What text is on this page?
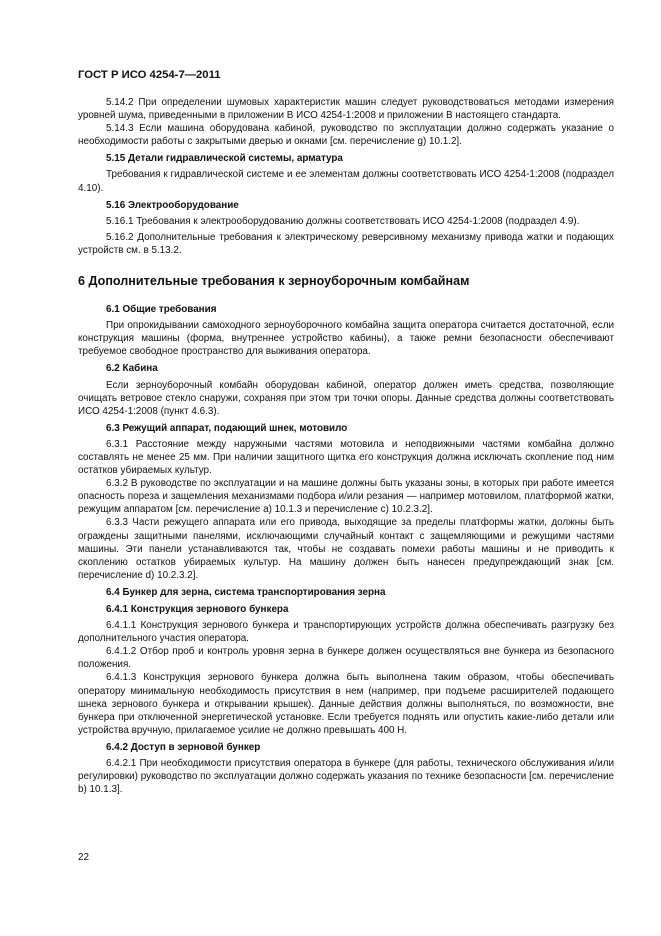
ГОСТ Р ИСО 4254-7—2011

5.14.2 При определении шумовых характеристик машин следует руководствоваться методами измерения уровней шума, приведенными в приложении В ИСО 4254-1:2008 и приложении В настоящего стандарта.

5.14.3 Если машина оборудована кабиной, руководство по эксплуатации должно содержать указание о необходимости работы с закрытыми дверью и окнами [см. перечисление g) 10.1.2].

5.15 Детали гидравлической системы, арматура

Требования к гидравлической системе и ее элементам должны соответствовать ИСО 4254-1:2008 (подраздел 4.10).

5.16 Электрооборудование

5.16.1 Требования к электрооборудованию должны соответствовать ИСО 4254-1:2008 (подраздел 4.9).

5.16.2 Дополнительные требования к электрическому реверсивному механизму привода жатки и подающих устройств см. в 5.13.2.

6 Дополнительные требования к зерноуборочным комбайнам

6.1 Общие требования

При опрокидывании самоходного зерноуборочного комбайна защита оператора считается достаточной, если конструкция машины (форма, внутреннее устройство кабины), а также ремни безопасности обеспечивают требуемое свободное пространство для выживания оператора.

6.2 Кабина

Если зерноуборочный комбайн оборудован кабиной, оператор должен иметь средства, позволяющие очищать ветровое стекло снаружи, сохраняя при этом три точки опоры. Данные средства должны соответствовать ИСО 4254-1:2008 (пункт 4.6.3).

6.3 Режущий аппарат, подающий шнек, мотовило

6.3.1 Расстояние между наружными частями мотовила и неподвижными частями комбайна должно составлять не менее 25 мм. При наличии защитного щитка его конструкция должна исключать скопление под ним остатков убираемых культур.

6.3.2 В руководстве по эксплуатации и на машине должны быть указаны зоны, в которых при работе имеется опасность пореза и защемления механизмами подбора и/или резания — например мотовилом, платформой жатки, режущим аппаратом [см. перечисление а) 10.1.3 и перечисление с) 10.2.3.2].

6.3.3 Части режущего аппарата или его привода, выходящие за пределы платформы жатки, должны быть ограждены защитными панелями, исключающими случайный контакт с защемляющими и режущими частями машины. Эти панели устанавливаются так, чтобы не создавать помехи работы машины и не приводить к скоплению остатков убираемых культур. На машину должен быть нанесен предупреждающий знак [см. перечисление d) 10.2.3.2].

6.4 Бункер для зерна, система транспортирования зерна

6.4.1 Конструкция зернового бункера

6.4.1.1 Конструкция зернового бункера и транспортирующих устройств должна обеспечивать разгрузку без дополнительного участия оператора.

6.4.1.2 Отбор проб и контроль уровня зерна в бункере должен осуществляться вне бункера из безопасного положения.

6.4.1.3 Конструкция зернового бункера должна быть выполнена таким образом, чтобы обеспечивать оператору минимальную необходимость присутствия в нем (например, при подъеме расширителей подающего шнека зернового бункера и открывании крышек). Данные действия должны выполняться, по возможности, вне бункера при отключенной энергетической установке. Если требуется поднять или опустить какие-либо детали или устройства вручную, прилагаемое усилие не должно превышать 400 Н.

6.4.2 Доступ в зерновой бункер

6.4.2.1 При необходимости присутствия оператора в бункере (для работы, технического обслуживания и/или регулировки) руководство по эксплуатации должно содержать указания по технике безопасности [см. перечисление b) 10.1.3].

22
